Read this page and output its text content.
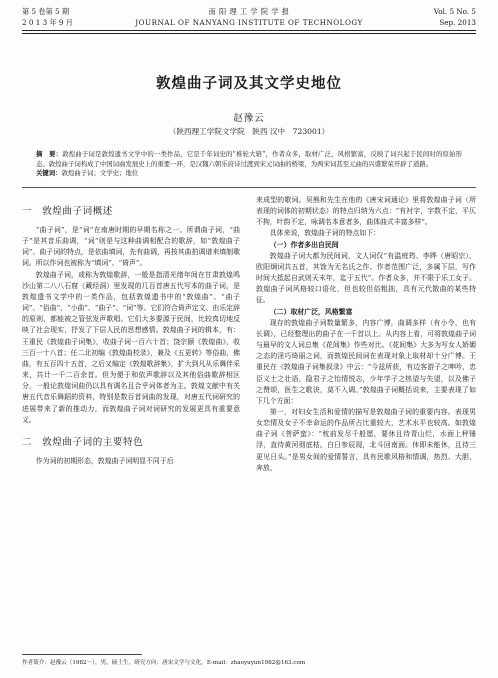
第 5 卷第 5 期
2 0 1 3 年 9 月
南 阳 理 工 学 院 学 报
JOURNAL OF NANYANG INSTITUTE OF TECHNOLOGY
Vol. 5 No. 5
Sep. 2013
敦煌曲子词及其文学史地位
赵豫云
（陕西理工学院文学院　陕西 汉中　723001）

摘　要：敦煌曲子词是敦煌遗书文学中的一类作品，它是千年词史的“椎轮大辂”，作者众多，取材广泛，风格繁富，反映了词兴起于民间时的原始形态。敦煌曲子词构成了中国词曲发展史上的重要一环，是汉魏六朝乐府诗过渡到宋元词曲的桥梁，为两宋词甚至元曲的兴盛繁荣开辟了道路。

关键词：敦煌曲子词；文学史；地位

一　敦煌曲子词概述

“曲子词”，是“词”在南唐时期的早期名称之一。所谓曲子词，“曲子”是其音乐曲调，“词”则是与这种曲调相配合的歌辞，如“敦煌曲子词”。曲子词的特点，是依曲填词，先有曲调，再按其曲拍调谱来填制歌词。所以作词也被称为“填词”、“倚声”。

敦煌曲子词，或称为敦煌歌辞，一般是指清光绪年间在甘肃敦煌鸣沙山第二八八石窟（藏经洞）里发现的几百首唐五代写本的曲子词，是敦煌遗书文学中的一类作品，包括敦煌遗书中的“敦煌曲”、“曲子词”、“俗曲”、“小曲”、“曲子”、“词”等。它们符合倚声定文、由乐定辞的原则，都能被之管弦发声歌唱。它们大多要源于民间，比较真切地反映了社会现实，抒发了下层人民的思想感情。敦煌曲子词的辑本，有：王重民《敦煌曲子词集》，收曲子词一百六十首；饶宗颐《敦煌曲》，收三百一十八首；任二北初编《敦煌曲校录》，兼及《五更转》等俗曲，佛曲，有五百四十五首，之后又编定《敦煌歌辞集》，扩大到凡从乐舞伴采来，共计一千二百余首。但为便于和依声歌辞以及其他俗曲歌辞相区分，一般论敦煌词曲仍以具有调名且合乎词体者为主。敦煌文献中有关唐五代音乐舞蹈的资料，特别是数百首词曲的发现，对唐五代词研究的进展带来了新的推动力，而敦煌曲子词对词研究的发展更具有重要意义。

二　敦煌曲子词的主要特色

作为词的初期形态，敦煌曲子词明显不同于后

来成型的歌词。吴熊和先生在他的《唐宋词通论》里将敦煌曲子词（所表现的词体的初期状态）的特点归纳为六点：“有衬字，字数不定，平仄不拘，叶韵不定，咏调名本意者多，曲体曲式丰富多样”。

具体来说，敦煌曲子词的特点如下：

（一）作者多出自民间

敦煌曲子词大都为民间词，文人词仅“有温庭筠、李晔（唐昭宗）、欧阳炯词共五首，其馀为无名氏之作。作者范围广泛，多属下层，写作时间大抵起自武则天末年，迄于五代”。作者众多，并不限于乐工女子。敦煌曲子词风格较口语化，但也较但俗粗拙，具有元代散曲的某些特征。

（二）取材广泛，风格繁富

现存的敦煌曲子词数量繁多，内容广博，曲调多样（有小令，也有长调），已经整理出的曲子在一千首以上。从内容上看，可将敦煌曲子词与最早的文人词总集《花间集》作些对比。《花间集》大多为写女人娇媚之态的淫巧绮丽之词，而敦煌民间词在表现对象上取材却十分广博。王重民在《敦煌曲子词集叙录》中云：“今兹所获，有边客游子之呻吟，忠臣义士之壮语，隐君子之怡情悦志，少年学子之热望与失望，以及佛子之赞颂，医生之歌诀，莫不入调。”敦煌曲子词概括说来，主要表现了如下几个方面：

第一，对妇女生活和爱情的描写是敦煌曲子词的重要内容。表现男女恋情及女子不幸命运的作品所占比重较大，艺术水平也较高。如敦煌曲子词《菩萨蛮》：“枕前发尽千般愿，要休且待青山烂，水面上秤锤浮，直待黄河彻底枯。白日参辰现，北斗回南面。休即未能休，且待三更见日头。”是男女间的爱情誓言，具有民歌风格和情调，热烈、大胆、奔放、

作者简介：赵豫云（1982－），男，硕士生，研究方向：唐宋文学与文化。E-mail：zhaoyuyun1982@163.com
